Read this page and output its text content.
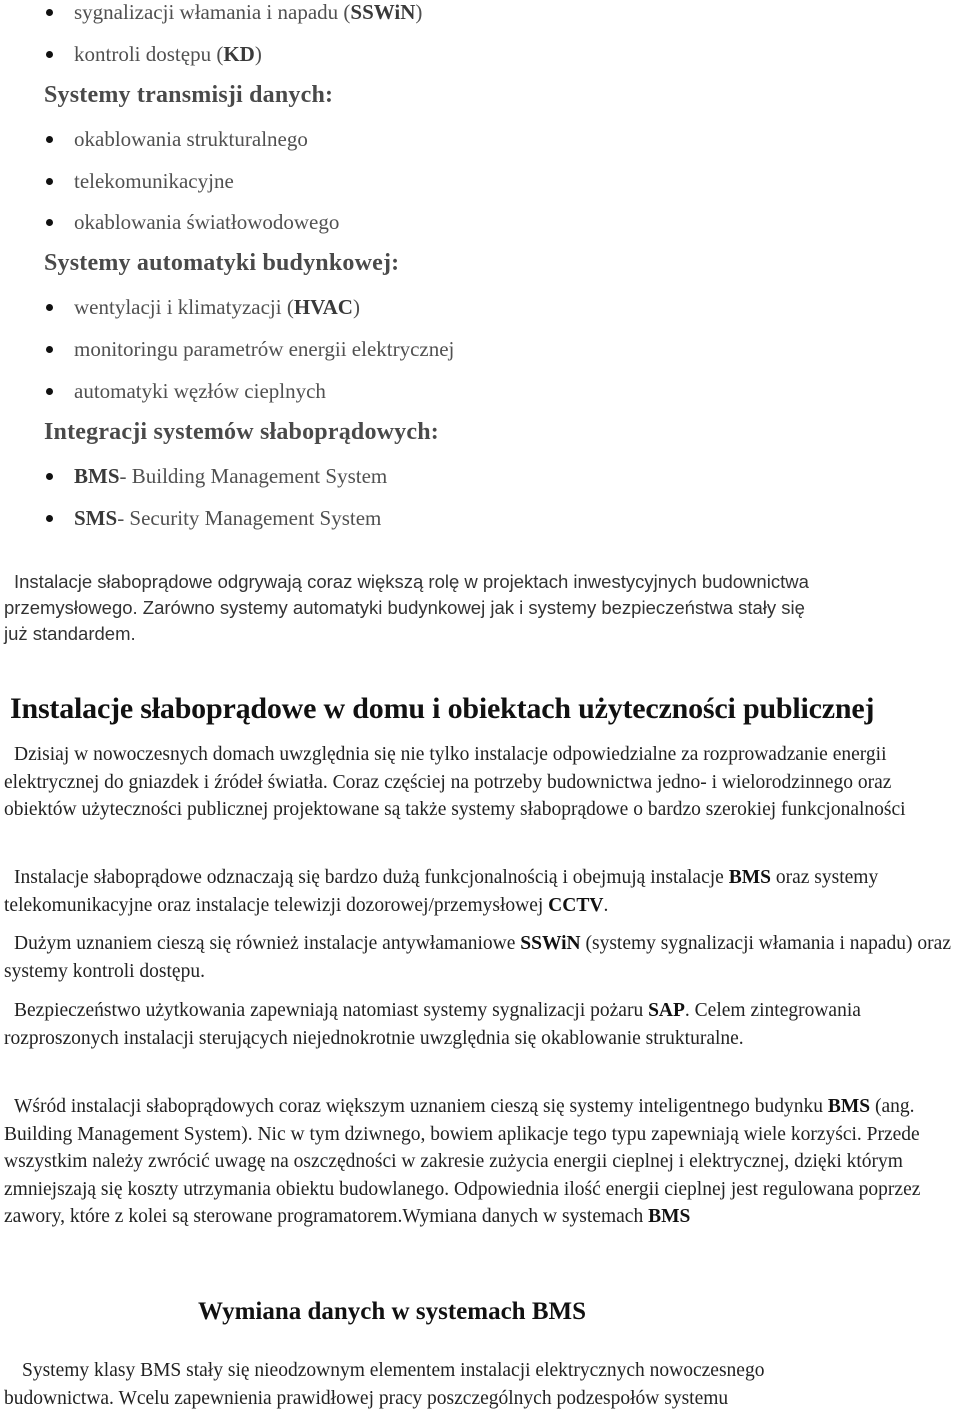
sygnalizacji włamania i napadu ( SSWiN )
kontroli dostępu ( KD )
Systemy transmisji danych:
okablowania strukturalnego
telekomunikacyjne
okablowania światłowodowego
Systemy automatyki budynkowej:
wentylacji i klimatyzacji ( HVAC )
monitoringu parametrów energii elektrycznej
automatyki węzłów cieplnych
Integracji systemów słaboprądowych:
BMS - Building Management System
SMS - Security Management System
Instalacje słaboprądowe odgrywają coraz większą rolę w projektach inwestycyjnych budownictwa
przemysłowego. Zarówno systemy automatyki budynkowej jak i systemy bezpieczeństwa stały się
już standardem.
Instalacje słaboprądowe w domu i obiektach użyteczności publicznej

Dzisiaj w nowoczesnych domach uwzględnia się nie tylko instalacje odpowiedzialne za rozprowadzanie energii elektrycznej do gniazdek i źródeł światła. Coraz częściej na potrzeby budownictwa jedno- i wielorodzinnego oraz obiektów użyteczności publicznej projektowane są także systemy słaboprądowe o bardzo szerokiej funkcjonalności

Instalacje słaboprądowe odznaczają się bardzo dużą funkcjonalnością i obejmują instalacje BMS oraz systemy telekomunikacyjne oraz instalacje telewizji dozorowej/przemysłowej CCTV.

Dużym uznaniem cieszą się również instalacje antywłamaniowe SSWiN (systemy sygnalizacji włamania i napadu) oraz systemy kontroli dostępu.

Bezpieczeństwo użytkowania zapewniają natomiast systemy sygnalizacji pożaru SAP. Celem zintegrowania rozproszonych instalacji sterujących niejednokrotnie uwzględnia się okablowanie strukturalne.

Wśród instalacji słaboprądowych coraz większym uznaniem cieszą się systemy inteligentnego budynku BMS (ang. Building Management System). Nic w tym dziwnego, bowiem aplikacje tego typu zapewniają wiele korzyści. Przede wszystkim należy zwrócić uwagę na oszczędności w zakresie zużycia energii cieplnej i elektrycznej, dzięki którym zmniejszają się koszty utrzymania obiektu budowlanego. Odpowiednia ilość energii cieplnej jest regulowana poprzez zawory, które z kolei są sterowane programatorem.Wymiana danych w systemach BMS

Wymiana danych w systemach BMS
Systemy klasy BMS stały się nieodzownym elementem instalacji elektrycznych nowoczesnego
budownictwa. Wcelu zapewnienia prawidłowej pracy poszczególnych podzespołów systemu
